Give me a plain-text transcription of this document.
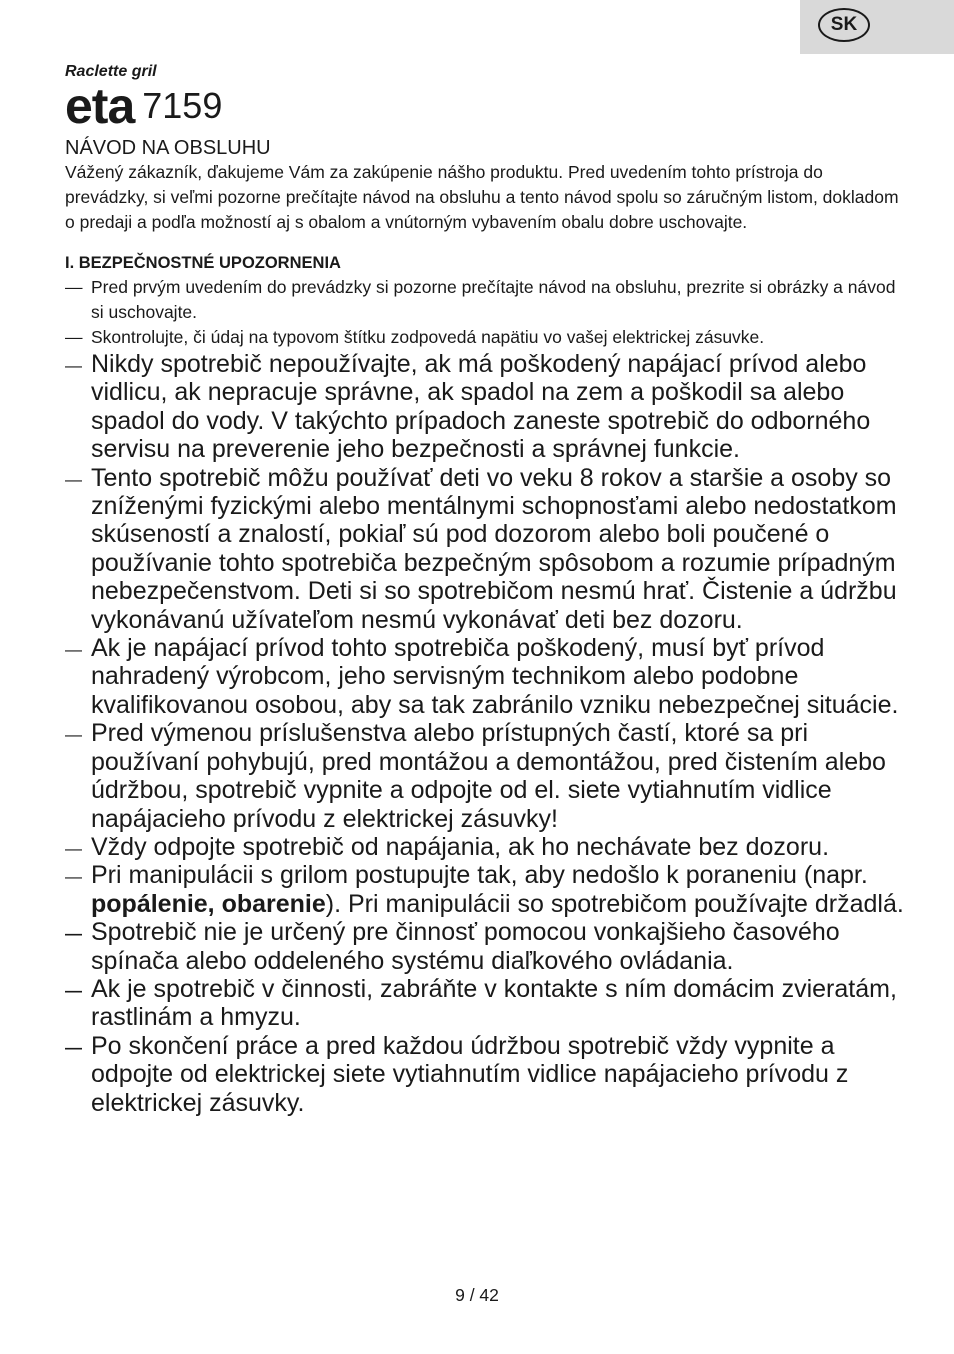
SK
Raclette gril
eta 7159
NÁVOD NA OBSLUHU

Vážený zákazník, ďakujeme Vám za zakúpenie nášho produktu. Pred uvedením tohto prístroja do prevádzky, si veľmi pozorne prečítajte návod na obsluhu a tento návod spolu so záručným listom, dokladom o predaji a podľa možností aj s obalom a vnútorným vybavením obalu dobre uschovajte.

I. BEZPEČNOSTNÉ UPOZORNENIA
— Pred prvým uvedením do prevádzky si pozorne prečítajte návod na obsluhu, prezrite si obrázky a návod si uschovajte.
— Skontrolujte, či údaj na typovom štítku zodpovedá napätiu vo vašej elektrickej zásuvke.
— Nikdy spotrebič nepoužívajte, ak má poškodený napájací prívod alebo vidlicu, ak nepracuje správne, ak spadol na zem a poškodil sa alebo spadol do vody. V takýchto prípadoch zaneste spotrebič do odborného servisu na preverenie jeho bezpečnosti a správnej funkcie.
— Tento spotrebič môžu používať deti vo veku 8 rokov a staršie a osoby so zníženými fyzickými alebo mentálnymi schopnosťami alebo nedostatkom skúseností a znalostí, pokiaľ sú pod dozorom alebo boli poučené o používanie tohto spotrebiča bezpečným spôsobom a rozumie prípadným nebezpečenstvom. Deti si so spotrebičom nesmú hrať. Čistenie a údržbu vykonávanú užívateľom nesmú vykonávať deti bez dozoru.
— Ak je napájací prívod tohto spotrebiča poškodený, musí byť prívod nahradený výrobcom, jeho servisným technikom alebo podobne kvalifikovanou osobou, aby sa tak zabránilo vzniku nebezpečnej situácie.
— Pred výmenou príslušenstva alebo prístupných častí, ktoré sa pri používaní pohybujú, pred montážou a demontážou, pred čistením alebo údržbou, spotrebič vypnite a odpojte od el. siete vytiahnutím vidlice napájacieho prívodu z elektrickej zásuvky!
— Vždy odpojte spotrebič od napájania, ak ho nechávate bez dozoru.
— Pri manipulácii s grilom postupujte tak, aby nedošlo k poraneniu (napr. popálenie, obarenie). Pri manipulácii so spotrebičom používajte držadlá.
— Spotrebič nie je určený pre činnosť pomocou vonkajšieho časového spínača alebo oddeleného systému diaľkového ovládania.
— Ak je spotrebič v činnosti, zabráňte v kontakte s ním domácim zvieratám, rastlinám a hmyzu.
— Po skončení práce a pred každou údržbou spotrebič vždy vypnite a odpojte od elektrickej siete vytiahnutím vidlice napájacieho prívodu z elektrickej zásuvky.
9 / 42
